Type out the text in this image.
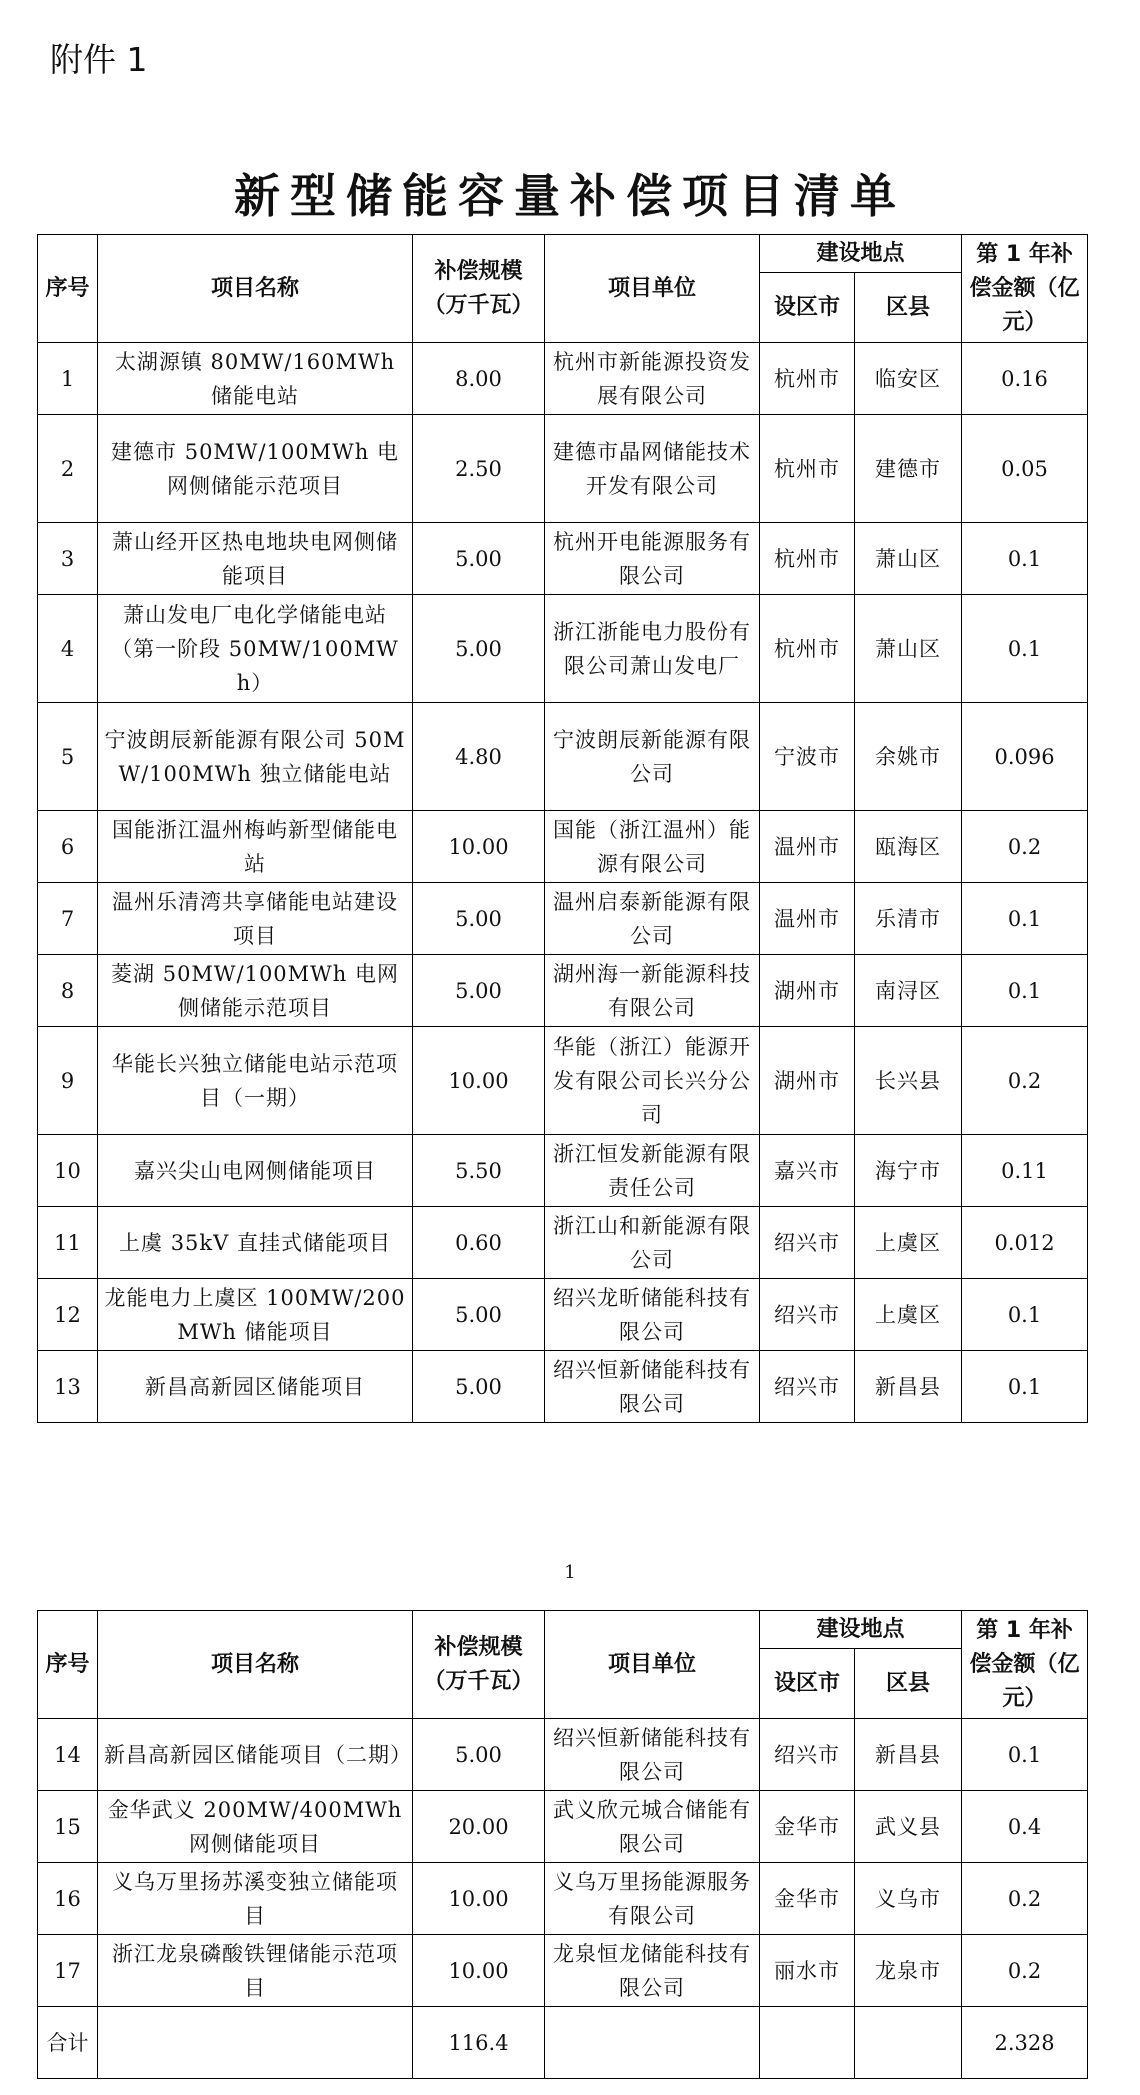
附件 1
新型储能容量补偿项目清单
序号	项目名称	补偿规模（万千瓦）	项目单位	建设地点		第 1 年补偿金额（亿元）
				设区市	区县	
1	太湖源镇 80MW/160MWh 储能电站	8.00	杭州市新能源投资发展有限公司	杭州市	临安区	0.16
2	建德市 50MW/100MWh 电网侧储能示范项目	2.50	建德市晶网储能技术开发有限公司	杭州市	建德市	0.05
3	萧山经开区热电地块电网侧储能项目	5.00	杭州开电能源服务有限公司	杭州市	萧山区	0.1
4	萧山发电厂电化学储能电站（第一阶段 50MW/100MWh）	5.00	浙江浙能电力股份有限公司萧山发电厂	杭州市	萧山区	0.1
5	宁波朗辰新能源有限公司 50MW/100MWh 独立储能电站	4.80	宁波朗辰新能源有限公司	宁波市	余姚市	0.096
6	国能浙江温州梅屿新型储能电站	10.00	国能（浙江温州）能源有限公司	温州市	瓯海区	0.2
7	温州乐清湾共享储能电站建设项目	5.00	温州启泰新能源有限公司	温州市	乐清市	0.1
8	菱湖 50MW/100MWh 电网侧储能示范项目	5.00	湖州海一新能源科技有限公司	湖州市	南浔区	0.1
9	华能长兴独立储能电站示范项目（一期）	10.00	华能（浙江）能源开发有限公司长兴分公司	湖州市	长兴县	0.2
10	嘉兴尖山电网侧储能项目	5.50	浙江恒发新能源有限责任公司	嘉兴市	海宁市	0.11
11	上虞 35kV 直挂式储能项目	0.60	浙江山和新能源有限公司	绍兴市	上虞区	0.012
12	龙能电力上虞区 100MW/200MWh 储能项目	5.00	绍兴龙昕储能科技有限公司	绍兴市	上虞区	0.1
13	新昌高新园区储能项目	5.00	绍兴恒新储能科技有限公司	绍兴市	新昌县	0.1
1
序号	项目名称	补偿规模（万千瓦）	项目单位	建设地点		第 1 年补偿金额（亿元）
				设区市	区县	
14	新昌高新园区储能项目（二期）	5.00	绍兴恒新储能科技有限公司	绍兴市	新昌县	0.1
15	金华武义 200MW/400MWh 网侧储能项目	20.00	武义欣元城合储能有限公司	金华市	武义县	0.4
16	义乌万里扬苏溪变独立储能项目	10.00	义乌万里扬能源服务有限公司	金华市	义乌市	0.2
17	浙江龙泉磷酸铁锂储能示范项目	10.00	龙泉恒龙储能科技有限公司	丽水市	龙泉市	0.2
合计		116.4				2.328
